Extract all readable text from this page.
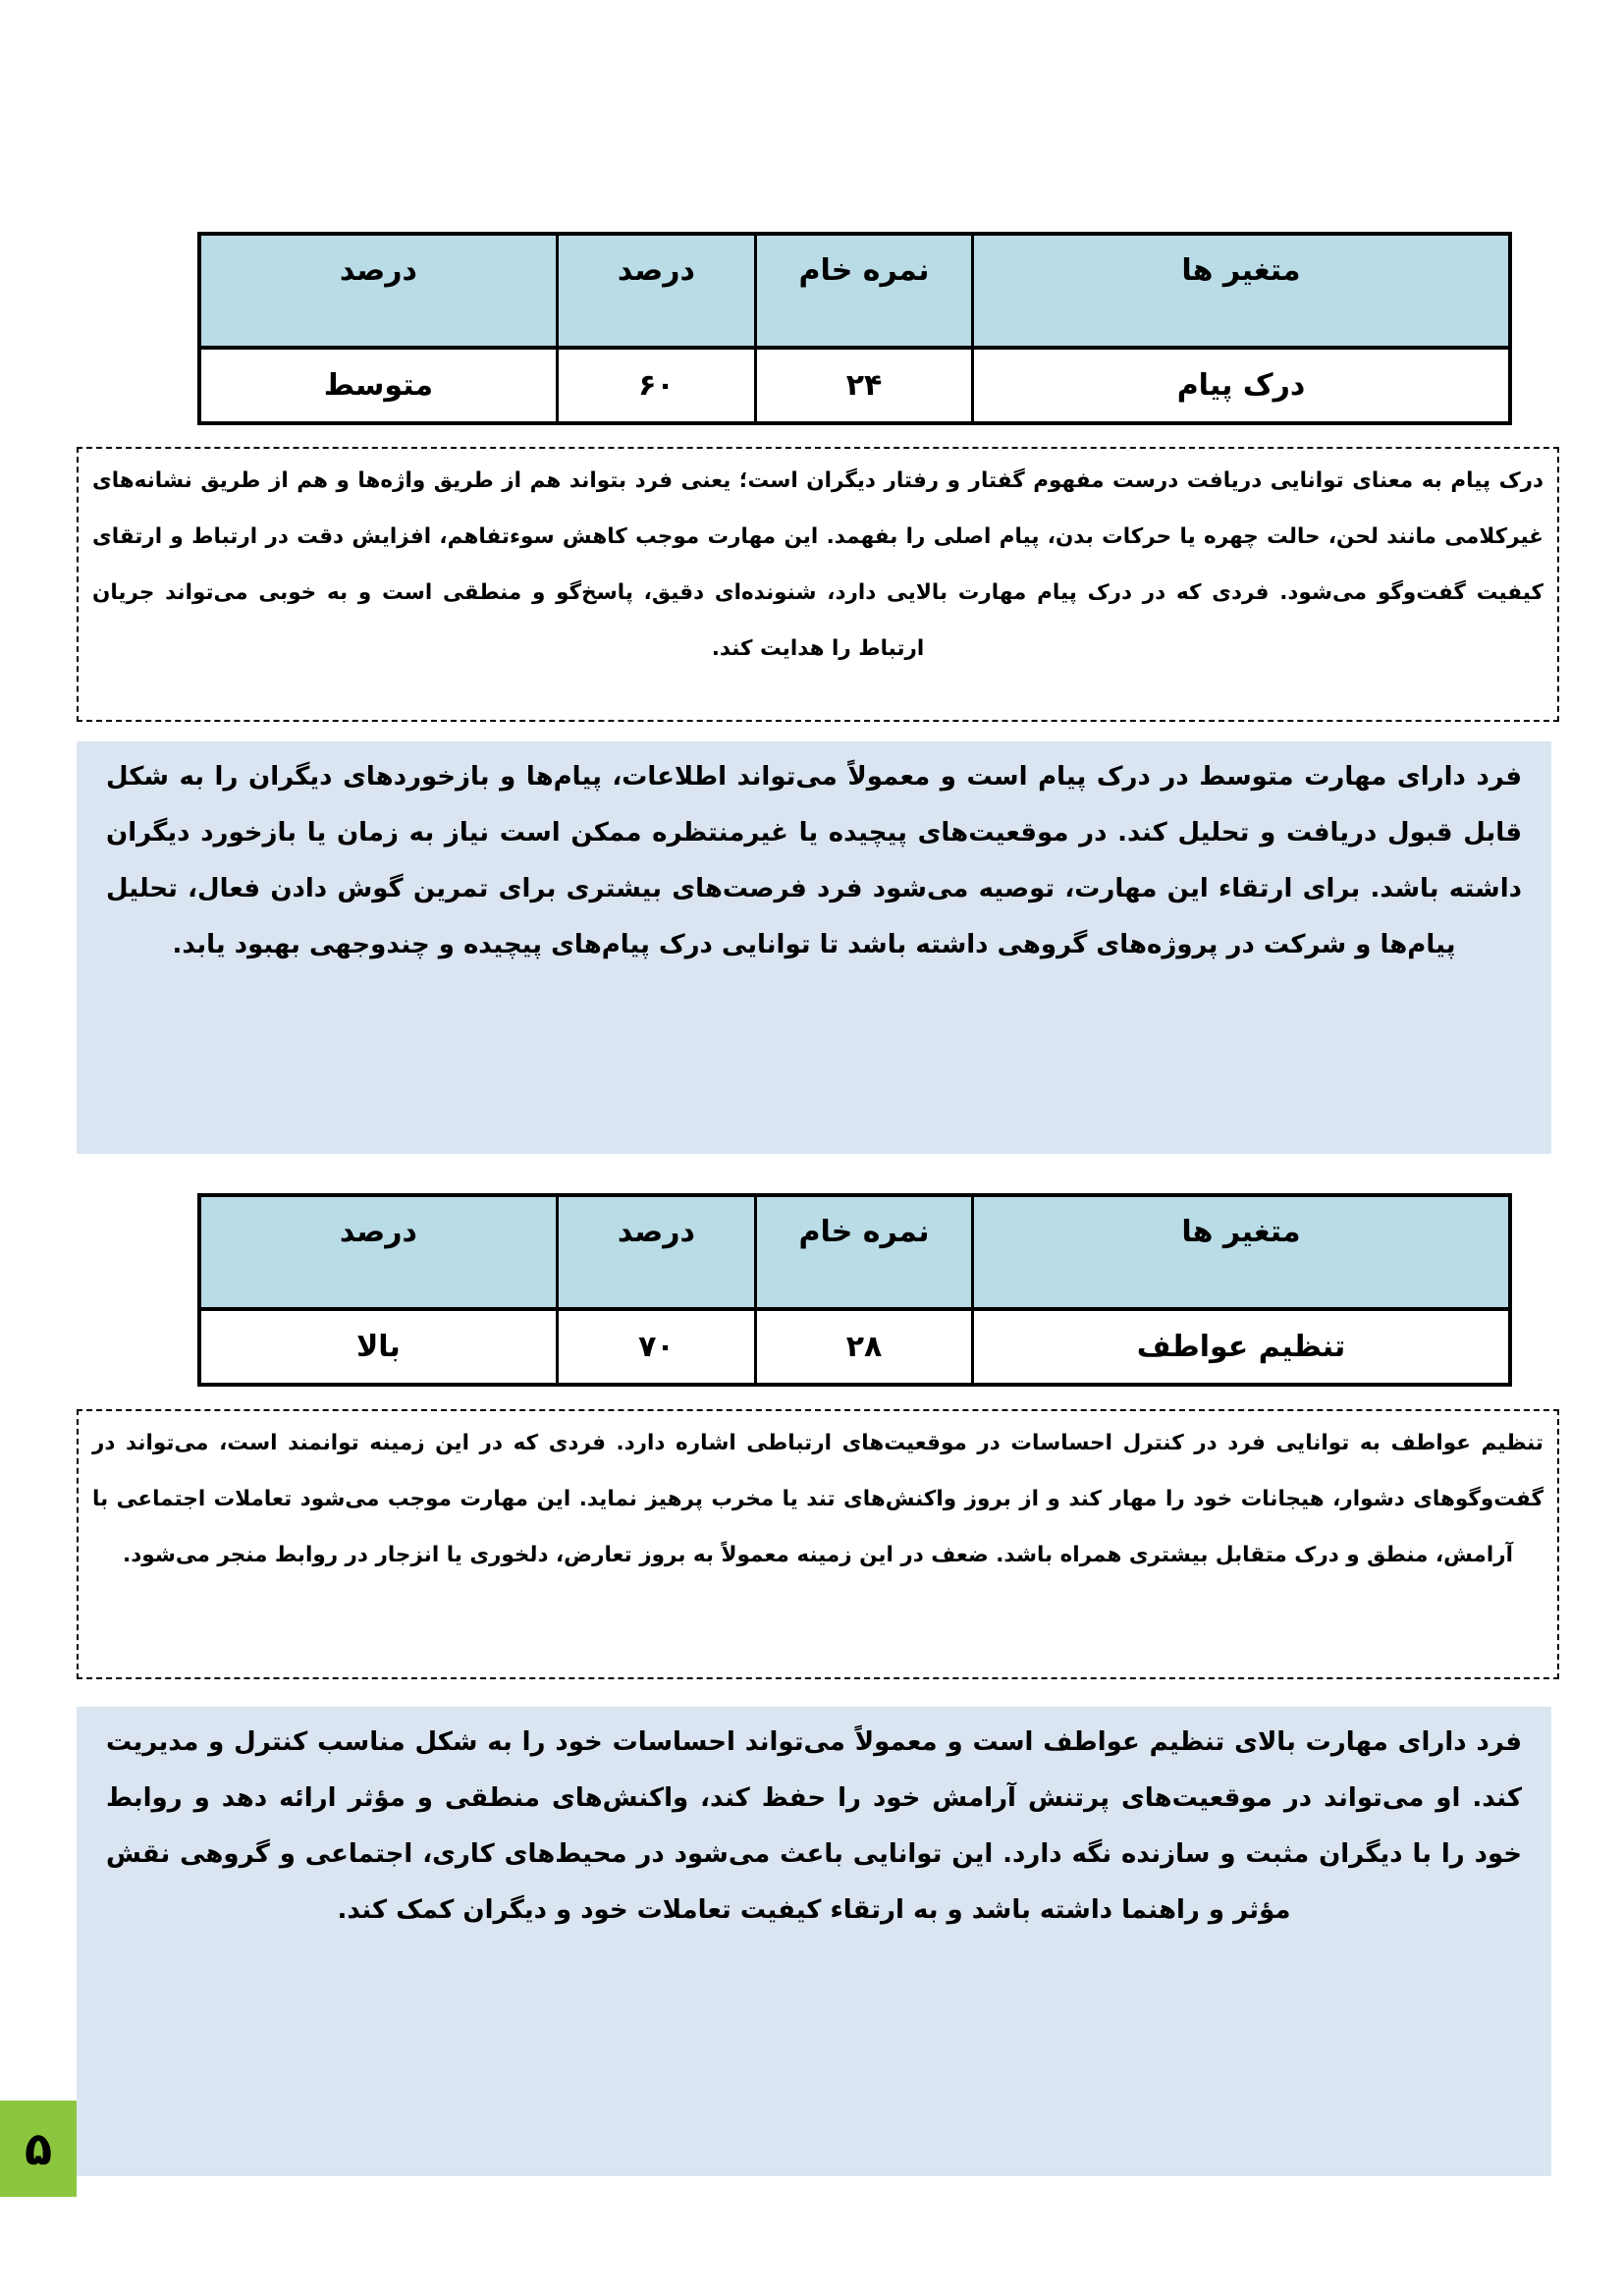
متغیر ها
نمره خام
درصد
درصد
درک پیام
۲۴
۶۰
متوسط

درک پیام به معنای توانایی دریافت درست مفهوم گفتار و رفتار دیگران است؛ یعنی فرد بتواند هم از طریق واژه‌ها و هم از طریق نشانه‌های غیرکلامی مانند لحن، حالت چهره یا حرکات بدن، پیام اصلی را بفهمد. این مهارت موجب کاهش سوءتفاهم، افزایش دقت در ارتباط و ارتقای کیفیت گفت‌وگو می‌شود. فردی که در درک پیام مهارت بالایی دارد، شنونده‌ای دقیق، پاسخ‌گو و منطقی است و به خوبی می‌تواند جریان ارتباط را هدایت کند.

فرد دارای مهارت متوسط در درک پیام است و معمولاً می‌تواند اطلاعات، پیام‌ها و بازخوردهای دیگران را به شکل قابل قبول دریافت و تحلیل کند. در موقعیت‌های پیچیده یا غیرمنتظره ممکن است نیاز به زمان یا بازخورد دیگران داشته باشد. برای ارتقاء این مهارت، توصیه می‌شود فرد فرصت‌های بیشتری برای تمرین گوش دادن فعال، تحلیل پیام‌ها و شرکت در پروژه‌های گروهی داشته باشد تا توانایی درک پیام‌های پیچیده و چندوجهی بهبود یابد.

متغیر ها
نمره خام
درصد
درصد
تنظیم عواطف
۲۸
۷۰
بالا

تنظیم عواطف به توانایی فرد در کنترل احساسات در موقعیت‌های ارتباطی اشاره دارد. فردی که در این زمینه توانمند است، می‌تواند در گفت‌وگوهای دشوار، هیجانات خود را مهار کند و از بروز واکنش‌های تند یا مخرب پرهیز نماید. این مهارت موجب می‌شود تعاملات اجتماعی با آرامش، منطق و درک متقابل بیشتری همراه باشد. ضعف در این زمینه معمولاً به بروز تعارض، دلخوری یا انزجار در روابط منجر می‌شود.

فرد دارای مهارت بالای تنظیم عواطف است و معمولاً می‌تواند احساسات خود را به شکل مناسب کنترل و مدیریت کند. او می‌تواند در موقعیت‌های پرتنش آرامش خود را حفظ کند، واکنش‌های منطقی و مؤثر ارائه دهد و روابط خود را با دیگران مثبت و سازنده نگه دارد. این توانایی باعث می‌شود در محیط‌های کاری، اجتماعی و گروهی نقش مؤثر و راهنما داشته باشد و به ارتقاء کیفیت تعاملات خود و دیگران کمک کند.

۵
